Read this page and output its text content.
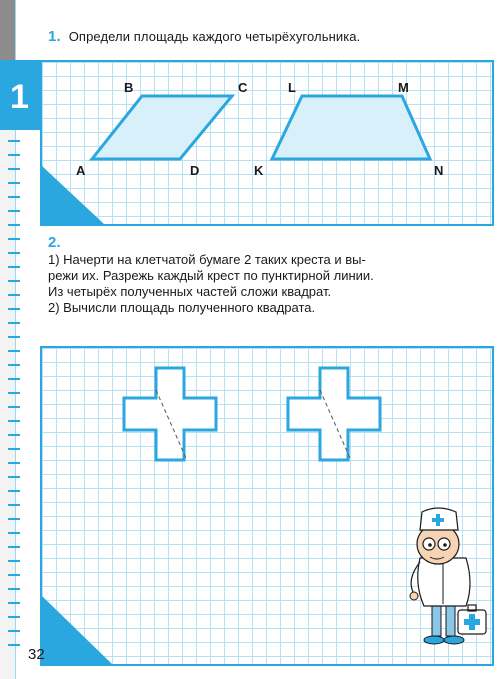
1
1. Определи площадь каждого четырёхугольника.
A
B	C
D	K
L	M
N
2.
1) Начерти на клетчатой бумаге 2 таких креста и вы-
режи их. Разрежь каждый крест по пунктирной линии.
Из четырёх полученных частей сложи квадрат.
2) Вычисли площадь полученного квадрата.
32
